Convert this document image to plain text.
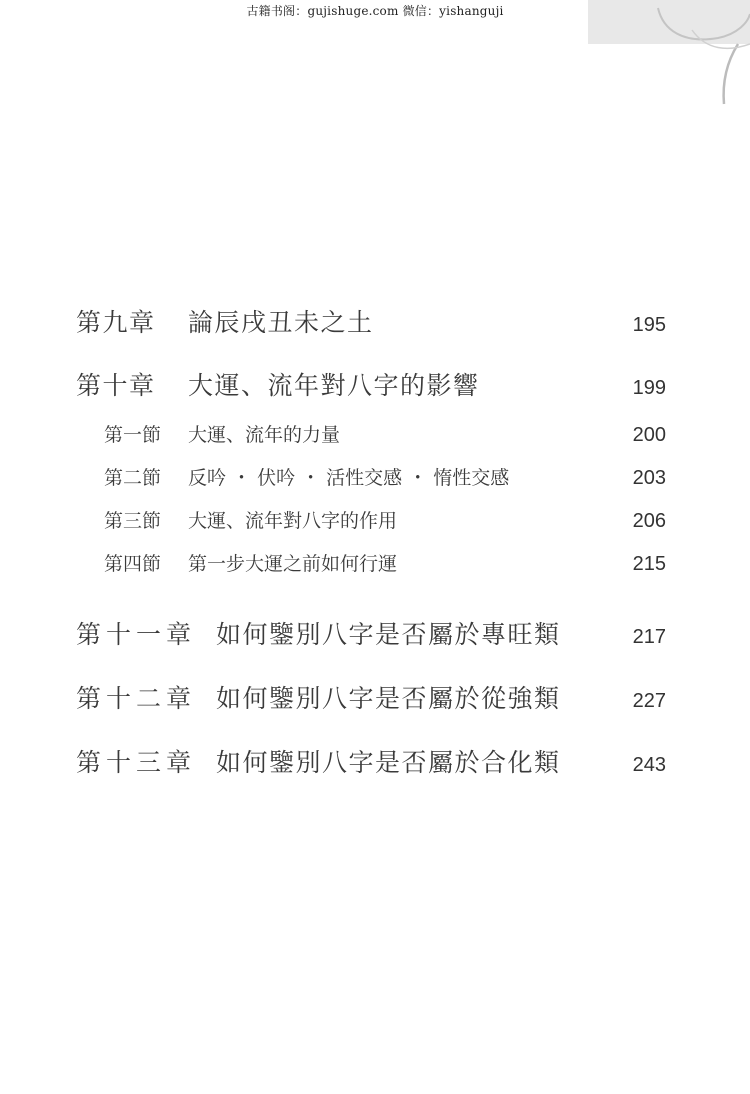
古籍书阁：gujishuge.com 微信：yishanguji
第九章	論辰戌丑未之土	195
第十章	大運、流年對八字的影響	199
第一節	大運、流年的力量	200
第二節	反吟 ・ 伏吟 ・ 活性交感 ・ 惰性交感	203
第三節	大運、流年對八字的作用	206
第四節	第一步大運之前如何行運	215
第十一章 如何鑒別八字是否屬於專旺類	217
第十二章 如何鑒別八字是否屬於從強類	227
第十三章 如何鑒別八字是否屬於合化類	243
